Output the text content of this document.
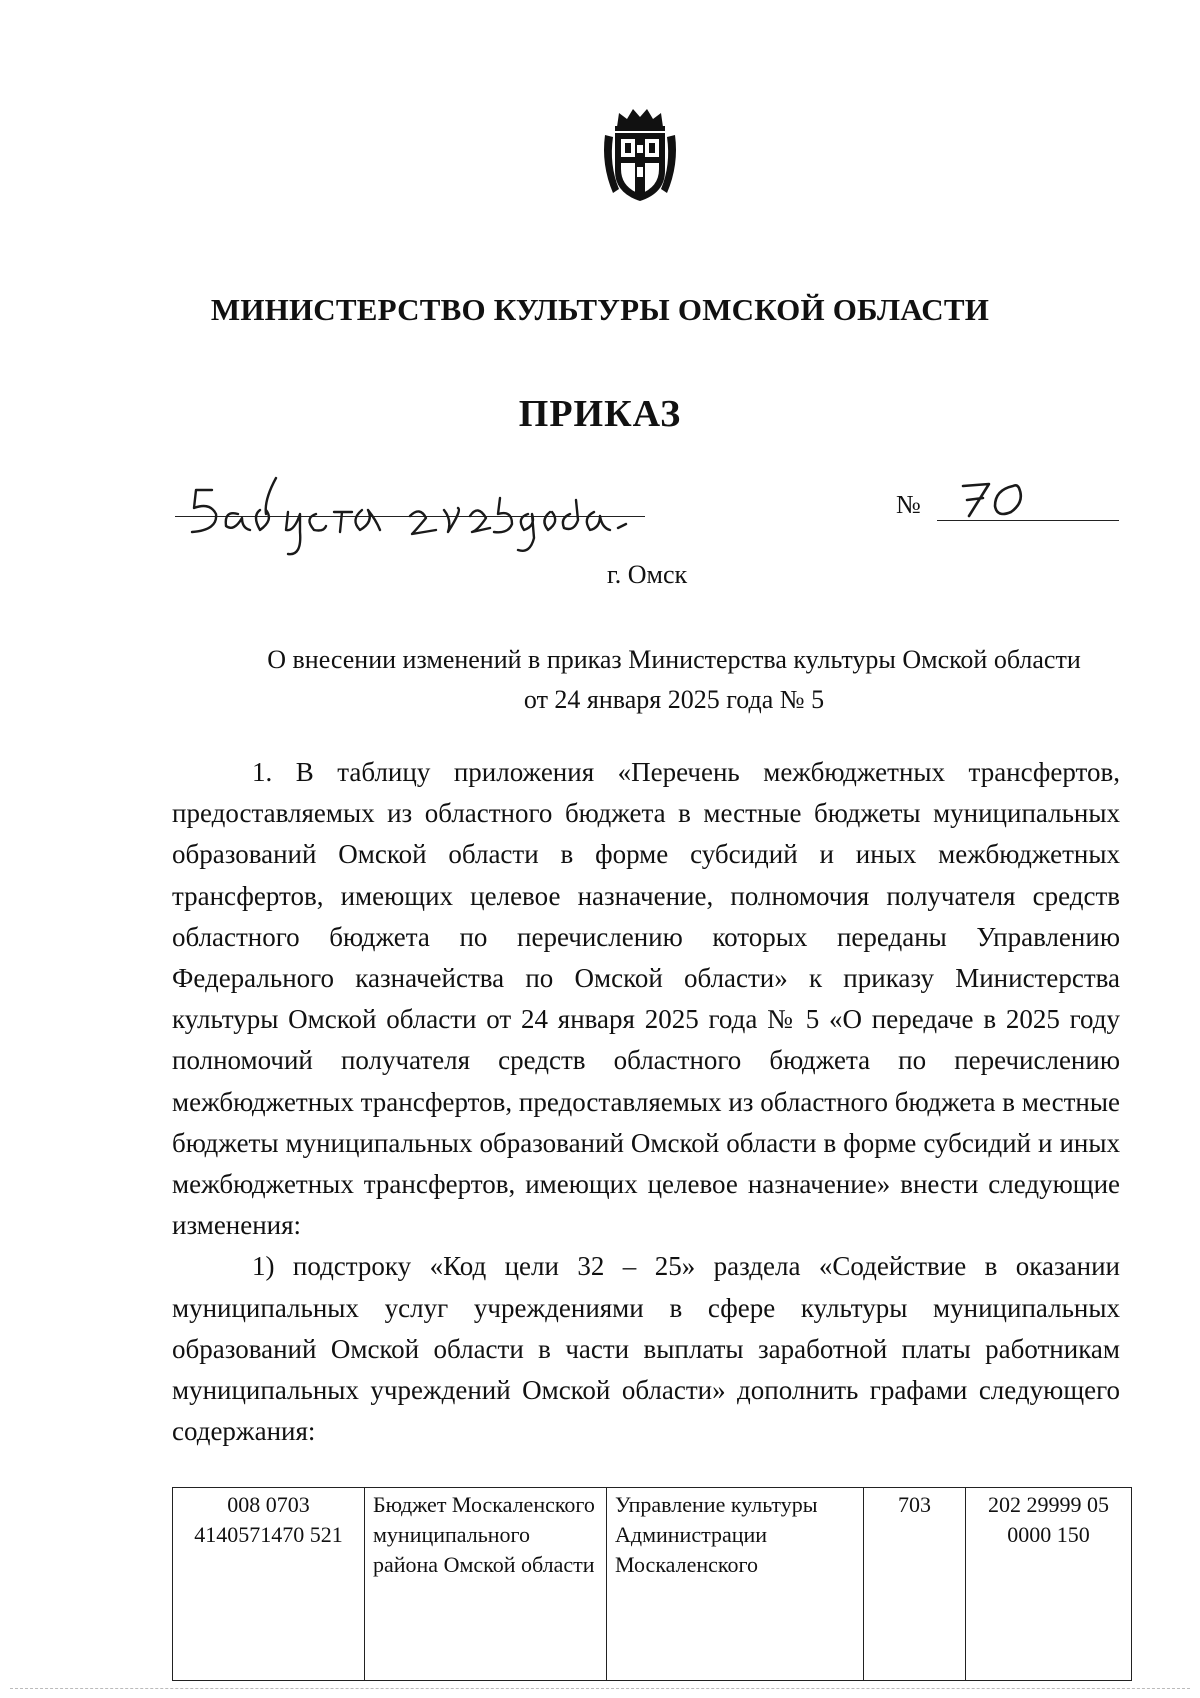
МИНИСТЕРСТВО КУЛЬТУРЫ ОМСКОЙ ОБЛАСТИ
ПРИКАЗ
№
г. Омск
О внесении изменений в приказ Министерства культуры Омской области
от 24 января 2025 года № 5

1. В таблицу приложения «Перечень межбюджетных трансфертов, предоставляемых из областного бюджета в местные бюджеты муниципальных образований Омской области в форме субсидий и иных межбюджетных трансфертов, имеющих целевое назначение, полномочия получателя средств областного бюджета по перечислению которых переданы Управлению Федерального казначейства по Омской области» к приказу Министерства культуры Омской области от 24 января 2025 года № 5 «О передаче в 2025 году полномочий получателя средств областного бюджета по перечислению межбюджетных трансфертов, предоставляемых из областного бюджета в местные бюджеты муниципальных образований Омской области в форме субсидий и иных межбюджетных трансфертов, имеющих целевое назначение» внести следующие изменения:

1) подстроку «Код цели 32 – 25» раздела «Содействие в оказании муниципальных услуг учреждениями в сфере культуры муниципальных образований Омской области в части выплаты заработной платы работникам муниципальных учреждений Омской области» дополнить графами следующего содержания:

008 0703 4140571470 521	Бюджет Москаленского муниципального района Омской области	Управление культуры Администрации Москаленского	703	202 29999 05 0000 150
